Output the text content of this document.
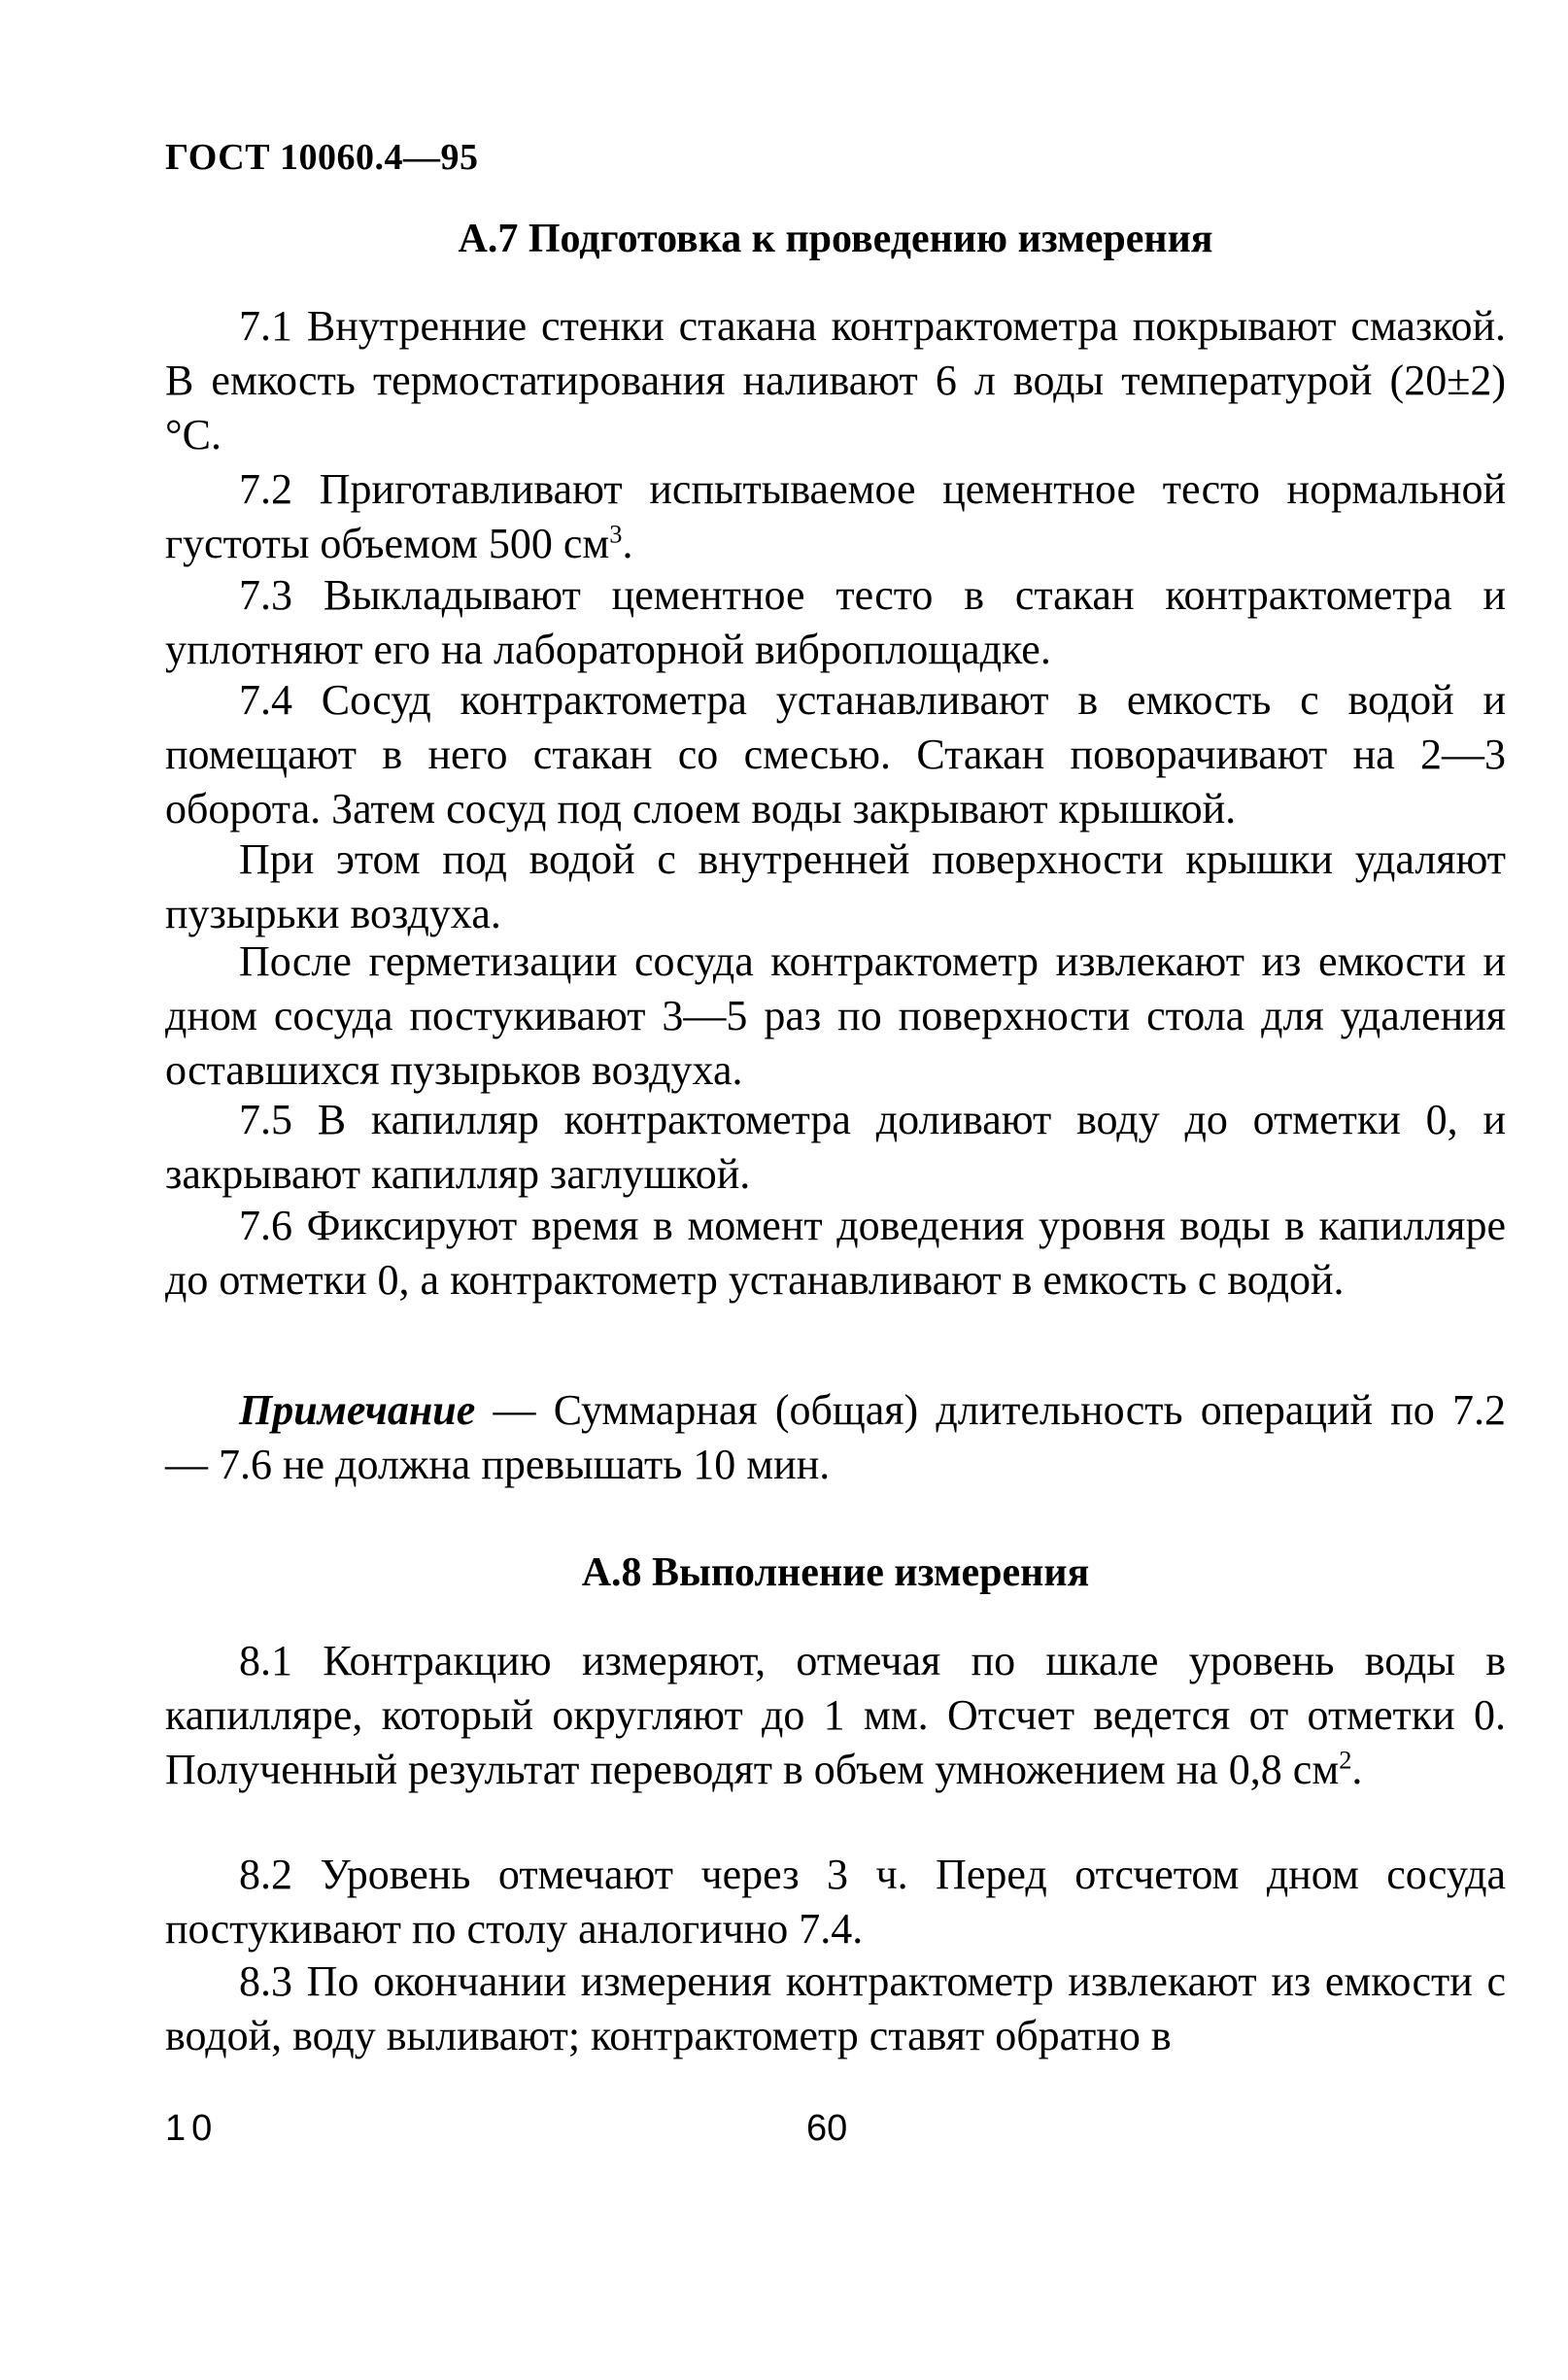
ГОСТ 10060.4—95
А.7 Подготовка к проведению измерения

7.1 Внутренние стенки стакана контрактометра покрывают смазкой. В емкость термостатирования наливают 6 л воды температурой (20±2) °С.

7.2 Приготавливают испытываемое цементное тесто нормальной густоты объемом 500 $см^3$.

7.3 Выкладывают цементное тесто в стакан контрактометра и уплотняют его на лабораторной виброплощадке.

7.4 Сосуд контрактометра устанавливают в емкость с водой и помещают в него стакан со смесью. Стакан поворачивают на 2—3 оборота. Затем сосуд под слоем воды закрывают крышкой.

При этом под водой с внутренней поверхности крышки удаляют пузырьки воздуха.

После герметизации сосуда контрактометр извлекают из емкости и дном сосуда постукивают 3—5 раз по поверхности стола для удаления оставшихся пузырьков воздуха.

7.5 В капилляр контрактометра доливают воду до отметки 0, и закрывают капилляр заглушкой.

7.6 Фиксируют время в момент доведения уровня воды в капилляре до отметки 0, а контрактометр устанавливают в емкость с водой.

Примечание — Суммарная (общая) длительность операций по 7.2 — 7.6 не должна превышать 10 мин.

А.8 Выполнение измерения

8.1 Контракцию измеряют, отмечая по шкале уровень воды в капилляре, который округляют до 1 мм. Отсчет ведется от отметки 0. Полученный результат переводят в объем умножением на 0,8 $см^2$.

8.2 Уровень отмечают через 3 ч. Перед отсчетом дном сосуда постукивают по столу аналогично 7.4.

8.3 По окончании измерения контрактометр извлекают из емкости с водой, воду выливают; контрактометр ставят обратно в

10	60
